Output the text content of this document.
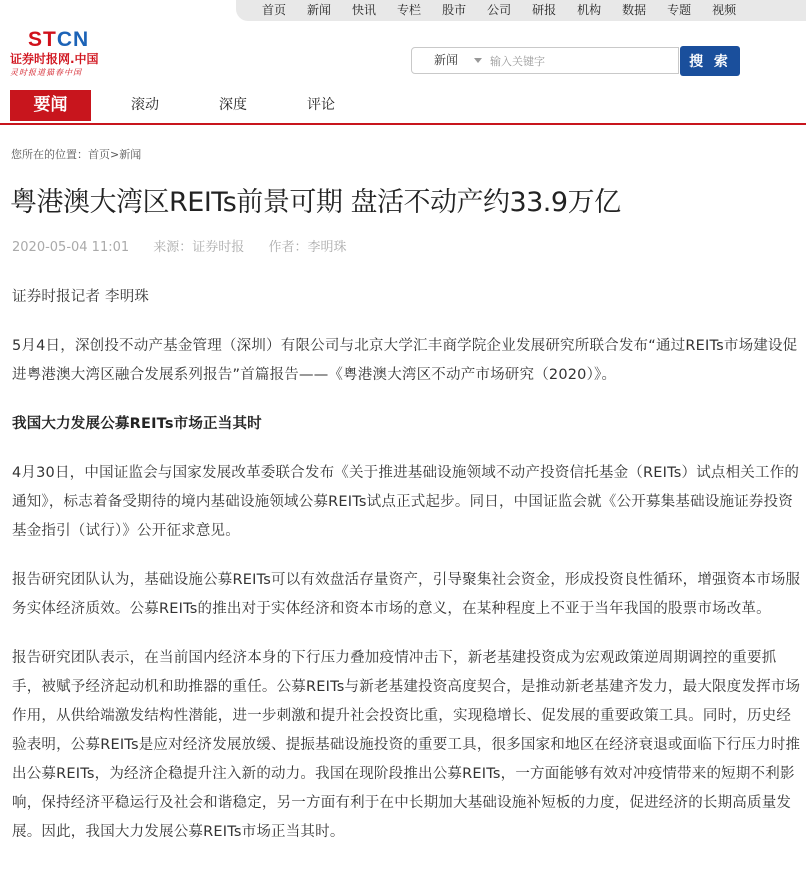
首页 新闻 快讯 专栏 股市 公司 研报 机构 数据 专题 视频
STCN
证券时报网.中国
灵时报道猫春中国
新闻
输入关键字	搜 索
要闻	滚动	深度	评论
您所在的位置：首页>新闻
粤港澳大湾区REITs前景可期 盘活不动产约33.9万亿
2020-05-04 11:01 来源：证券时报 作者：李明珠

证券时报记者 李明珠

5月4日，深创投不动产基金管理（深圳）有限公司与北京大学汇丰商学院企业发展研究所联合发布“通过REITs市场建设促进粤港澳大湾区融合发展系列报告”首篇报告——《粤港澳大湾区不动产市场研究（2020）》。

我国大力发展公募REITs市场正当其时

4月30日，中国证监会与国家发展改革委联合发布《关于推进基础设施领域不动产投资信托基金（REITs）试点相关工作的通知》，标志着备受期待的境内基础设施领域公募REITs试点正式起步。同日，中国证监会就《公开募集基础设施证券投资基金指引（试行）》公开征求意见。

报告研究团队认为，基础设施公募REITs可以有效盘活存量资产，引导聚集社会资金，形成投资良性循环，增强资本市场服务实体经济质效。公募REITs的推出对于实体经济和资本市场的意义，在某种程度上不亚于当年我国的股票市场改革。

报告研究团队表示，在当前国内经济本身的下行压力叠加疫情冲击下，新老基建投资成为宏观政策逆周期调控的重要抓手，被赋予经济起动机和助推器的重任。公募REITs与新老基建投资高度契合，是推动新老基建齐发力，最大限度发挥市场作用，从供给端激发结构性潜能，进一步刺激和提升社会投资比重，实现稳增长、促发展的重要政策工具。同时，历史经验表明，公募REITs是应对经济发展放缓、提振基础设施投资的重要工具，很多国家和地区在经济衰退或面临下行压力时推出公募REITs，为经济企稳提升注入新的动力。我国在现阶段推出公募REITs，一方面能够有效对冲疫情带来的短期不利影响，保持经济平稳运行及社会和谐稳定，另一方面有利于在中长期加大基础设施补短板的力度，促进经济的长期高质量发展。因此，我国大力发展公募REITs市场正当其时。
